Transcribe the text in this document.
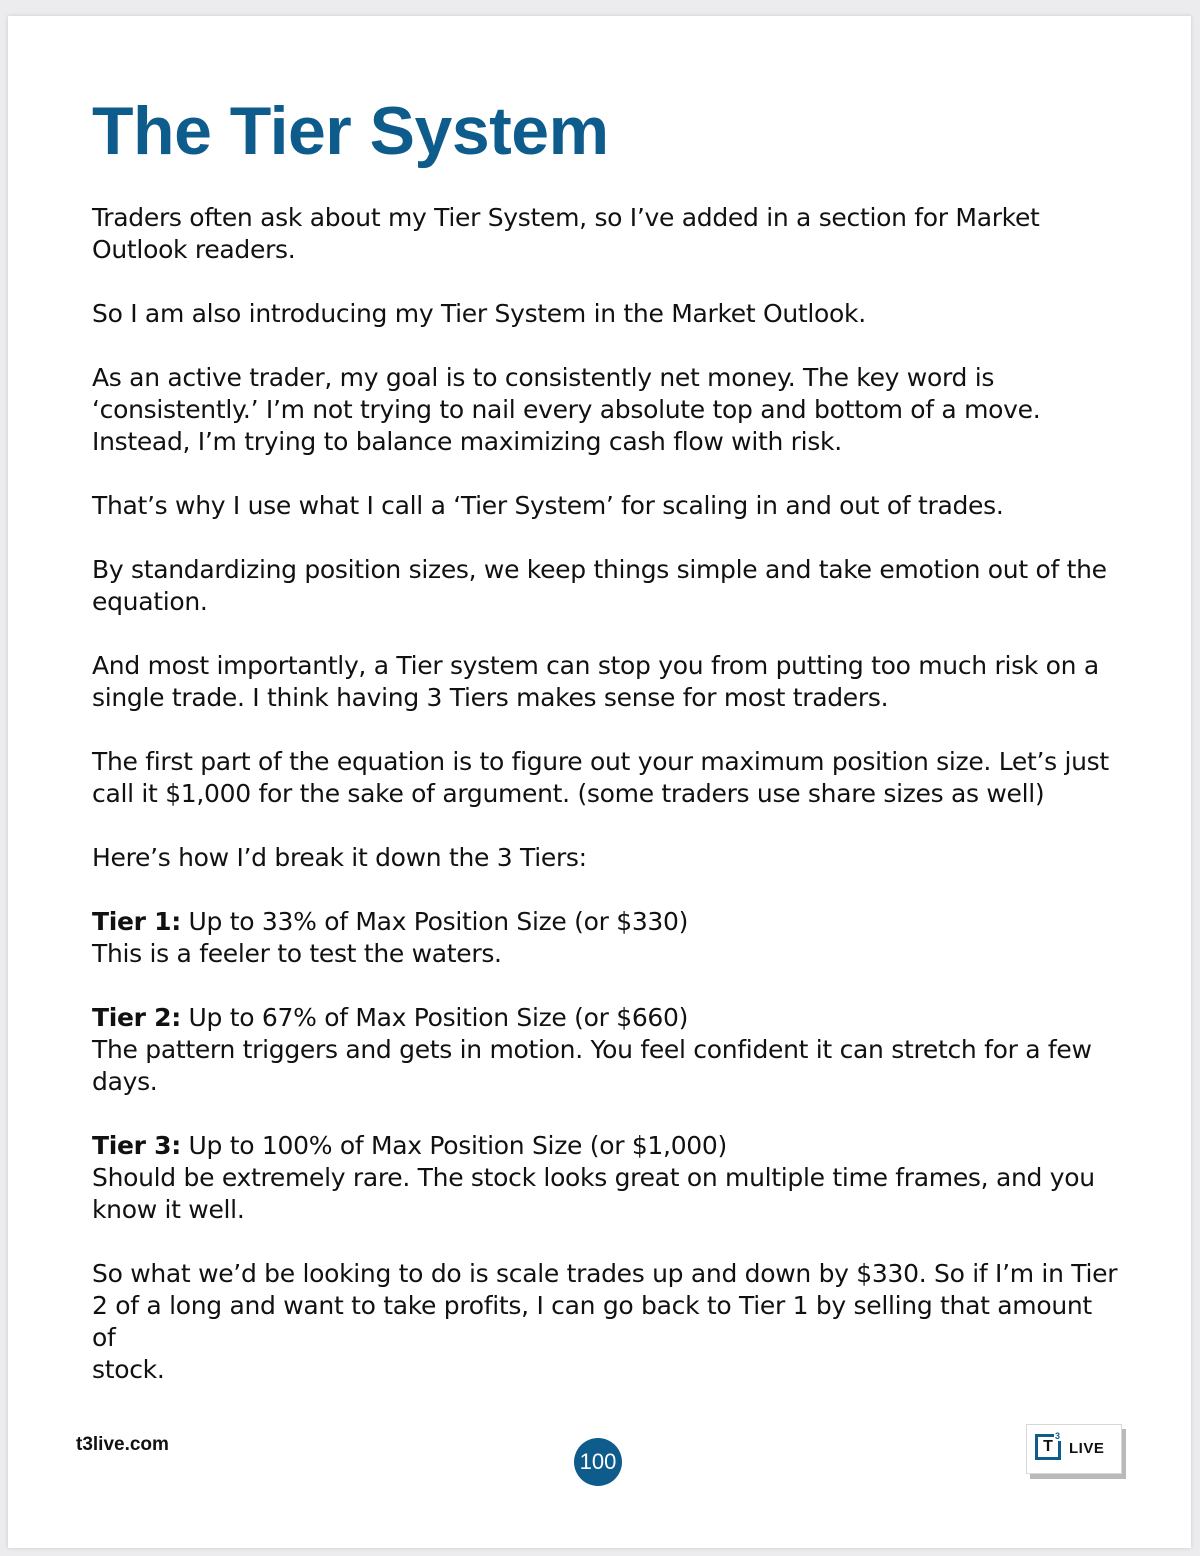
The Tier System

Traders often ask about my Tier System, so I’ve added in a section for Market
Outlook readers.

So I am also introducing my Tier System in the Market Outlook.

As an active trader, my goal is to consistently net money. The key word is
‘consistently.’ I’m not trying to nail every absolute top and bottom of a move.
Instead, I’m trying to balance maximizing cash flow with risk.

That’s why I use what I call a ‘Tier System’ for scaling in and out of trades.

By standardizing position sizes, we keep things simple and take emotion out of the
equation.

And most importantly, a Tier system can stop you from putting too much risk on a
single trade. I think having 3 Tiers makes sense for most traders.

The first part of the equation is to figure out your maximum position size. Let’s just
call it $1,000 for the sake of argument. (some traders use share sizes as well)

Here’s how I’d break it down the 3 Tiers:

Tier 1: Up to 33% of Max Position Size (or $330)
This is a feeler to test the waters.

Tier 2: Up to 67% of Max Position Size (or $660)
The pattern triggers and gets in motion. You feel confident it can stretch for a few
days.

Tier 3: Up to 100% of Max Position Size (or $1,000)
Should be extremely rare. The stock looks great on multiple time frames, and you
know it well.

So what we’d be looking to do is scale trades up and down by $330. So if I’m in Tier
2 of a long and want to take profits, I can go back to Tier 1 by selling that amount of
stock.

t3live.com
100
T
3
LIVE
